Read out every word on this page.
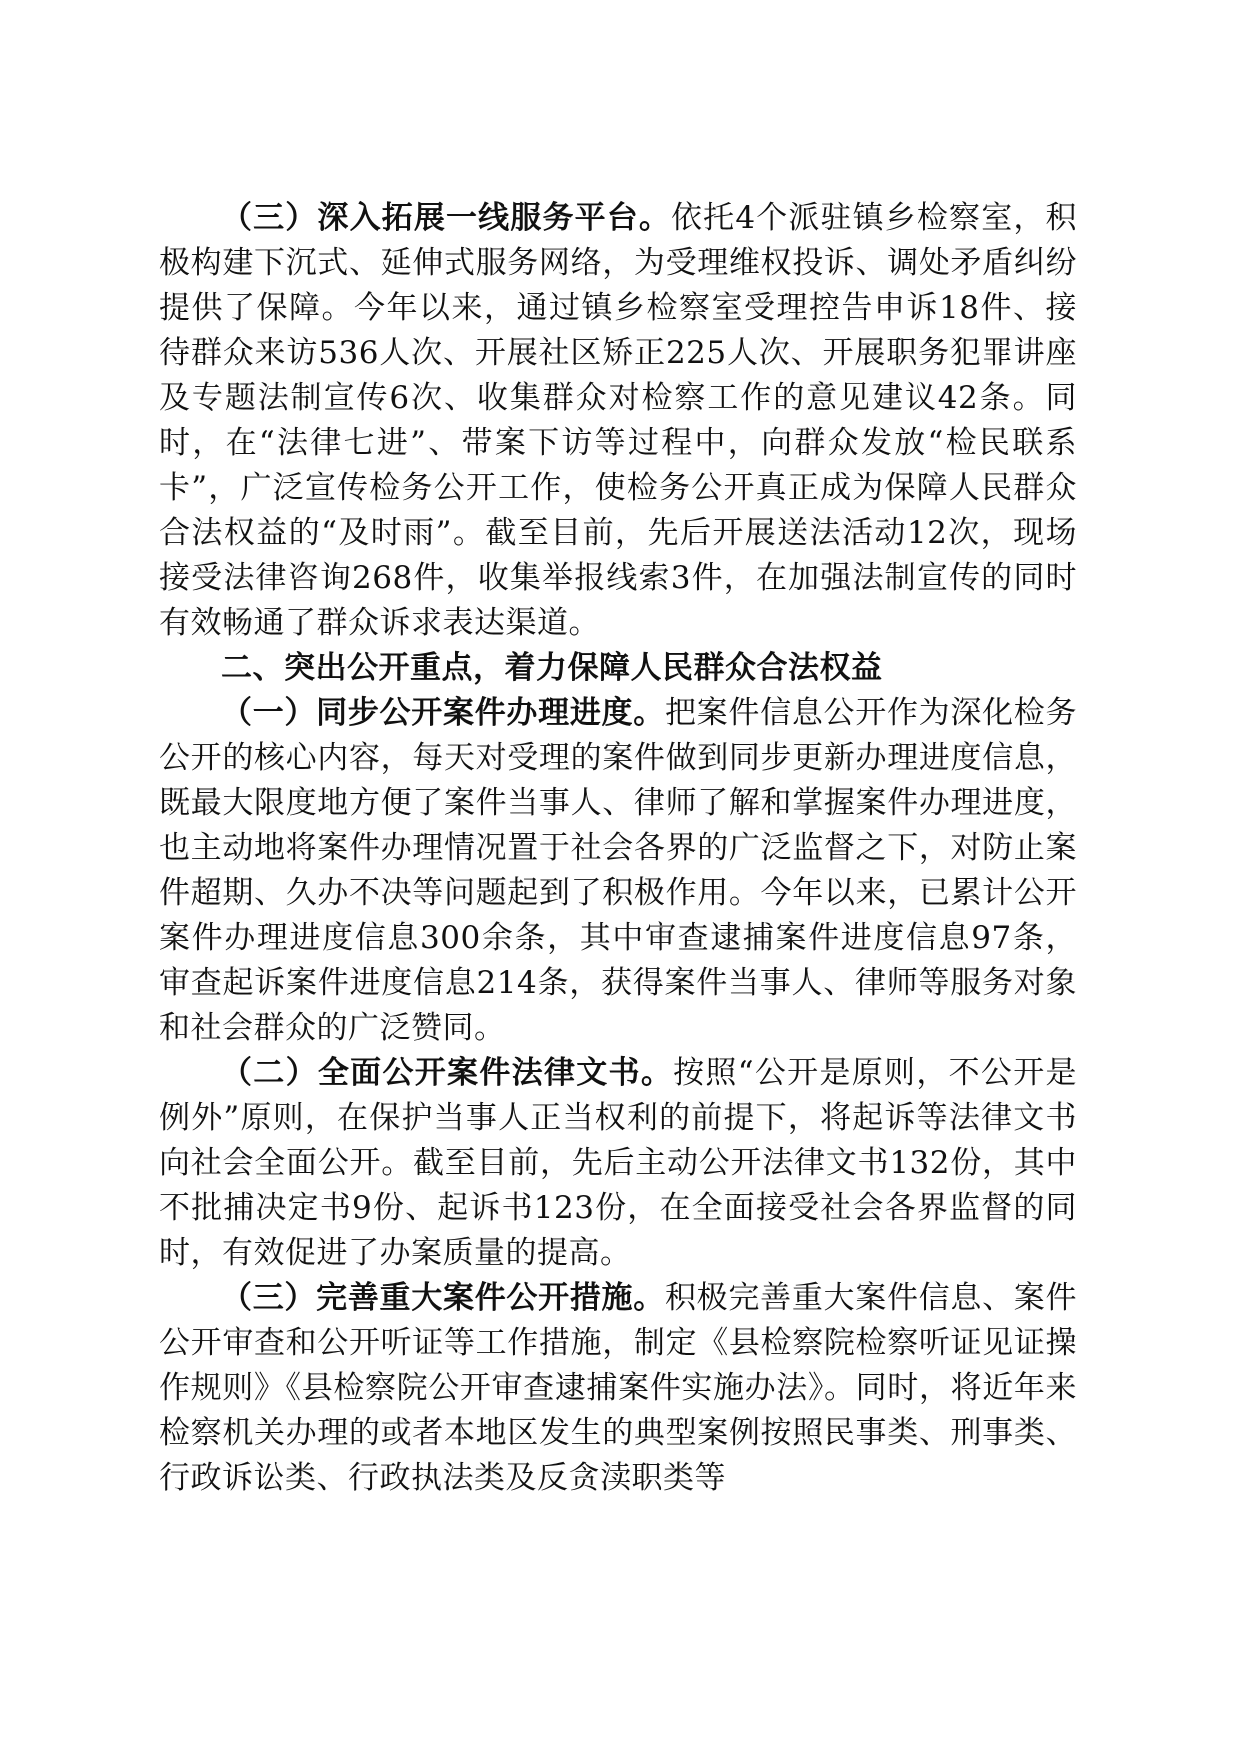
（三）深入拓展一线服务平台。依托4个派驻镇乡检察室，积极构建下沉式、延伸式服务网络，为受理维权投诉、调处矛盾纠纷提供了保障。今年以来，通过镇乡检察室受理控告申诉18件、接待群众来访536人次、开展社区矫正225人次、开展职务犯罪讲座及专题法制宣传6次、收集群众对检察工作的意见建议42条。同时，在“法律七进”、带案下访等过程中，向群众发放“检民联系卡”，广泛宣传检务公开工作，使检务公开真正成为保障人民群众合法权益的“及时雨”。截至目前，先后开展送法活动12次，现场接受法律咨询268件，收集举报线索3件，在加强法制宣传的同时有效畅通了群众诉求表达渠道。

二、突出公开重点，着力保障人民群众合法权益

（一）同步公开案件办理进度。把案件信息公开作为深化检务公开的核心内容，每天对受理的案件做到同步更新办理进度信息，既最大限度地方便了案件当事人、律师了解和掌握案件办理进度，也主动地将案件办理情况置于社会各界的广泛监督之下，对防止案件超期、久办不决等问题起到了积极作用。今年以来，已累计公开案件办理进度信息300余条，其中审查逮捕案件进度信息97条，审查起诉案件进度信息214条，获得案件当事人、律师等服务对象和社会群众的广泛赞同。

（二）全面公开案件法律文书。按照“公开是原则，不公开是例外”原则，在保护当事人正当权利的前提下，将起诉等法律文书向社会全面公开。截至目前，先后主动公开法律文书132份，其中不批捕决定书9份、起诉书123份，在全面接受社会各界监督的同时，有效促进了办案质量的提高。

（三）完善重大案件公开措施。积极完善重大案件信息、案件公开审查和公开听证等工作措施，制定《县检察院检察听证见证操作规则》《县检察院公开审查逮捕案件实施办法》。同时，将近年来检察机关办理的或者本地区发生的典型案例按照民事类、刑事类、行政诉讼类、行政执法类及反贪渎职类等
